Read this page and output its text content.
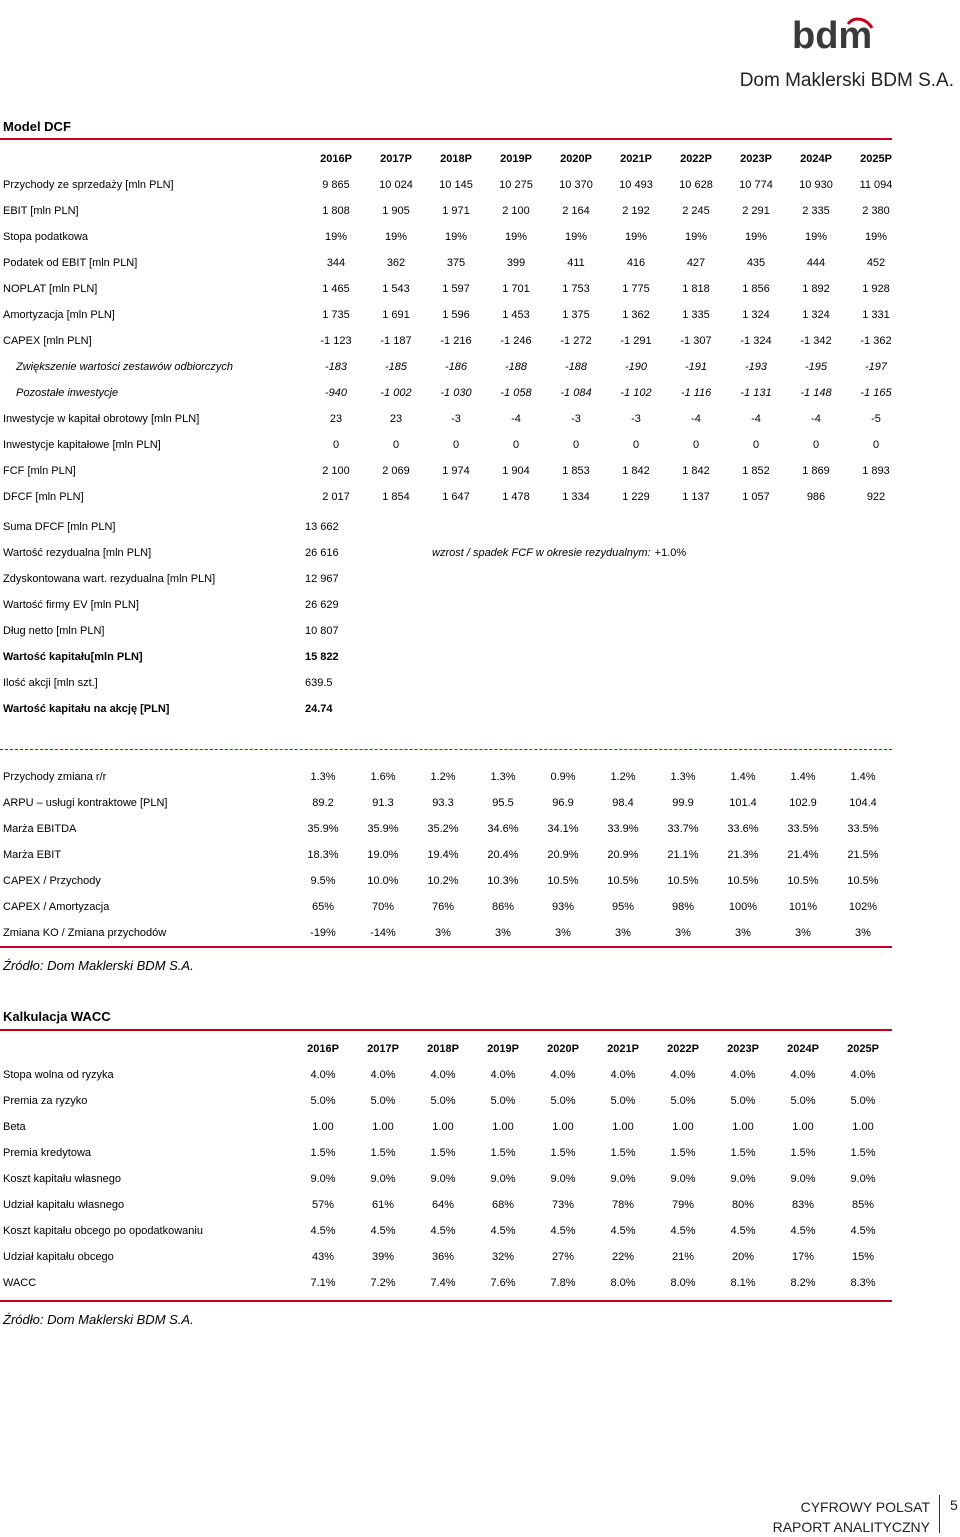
bdm
Dom Maklerski BDM S.A.
Model DCF
	2016P	2017P	2018P	2019P	2020P	2021P	2022P	2023P	2024P	2025P
Przychody ze sprzedaży [mln PLN]	9 865	10 024	10 145	10 275	10 370	10 493	10 628	10 774	10 930	11 094
EBIT [mln PLN]	1 808	1 905	1 971	2 100	2 164	2 192	2 245	2 291	2 335	2 380
Stopa podatkowa	19%	19%	19%	19%	19%	19%	19%	19%	19%	19%
Podatek od EBIT [mln PLN]	344	362	375	399	411	416	427	435	444	452
NOPLAT [mln PLN]	1 465	1 543	1 597	1 701	1 753	1 775	1 818	1 856	1 892	1 928
Amortyzacja [mln PLN]	1 735	1 691	1 596	1 453	1 375	1 362	1 335	1 324	1 324	1 331
CAPEX [mln PLN]	-1 123	-1 187	-1 216	-1 246	-1 272	-1 291	-1 307	-1 324	-1 342	-1 362
Zwiększenie wartości zestawów odbiorczych	-183	-185	-186	-188	-188	-190	-191	-193	-195	-197
Pozostałe inwestycje	-940	-1 002	-1 030	-1 058	-1 084	-1 102	-1 116	-1 131	-1 148	-1 165
Inwestycje w kapitał obrotowy [mln PLN]	23	23	-3	-4	-3	-3	-4	-4	-4	-5
Inwestycje kapitałowe [mln PLN]	0	0	0	0	0	0	0	0	0	0
FCF [mln PLN]	2 100	2 069	1 974	1 904	1 853	1 842	1 842	1 852	1 869	1 893
DFCF [mln PLN]	2 017	1 854	1 647	1 478	1 334	1 229	1 137	1 057	986	922
Suma DFCF [mln PLN]	13 662
Wartość rezydualna [mln PLN]	26 616
Zdyskontowana wart. rezydualna [mln PLN]	12 967
Wartość firmy EV [mln PLN]	26 629
Dług netto [mln PLN]	10 807
Wartość kapitału[mln PLN]	15 822
Ilość akcji [mln szt.]	639.5
Wartość kapitału na akcję [PLN]	24.74
wzrost / spadek FCF w okresie rezydualnym: +1.0%
Przychody zmiana r/r	1.3%	1.6%	1.2%	1.3%	0.9%	1.2%	1.3%	1.4%	1.4%	1.4%
ARPU – usługi kontraktowe [PLN]	89.2	91.3	93.3	95.5	96.9	98.4	99.9	101.4	102.9	104.4
Marża EBITDA	35.9%	35.9%	35.2%	34.6%	34.1%	33.9%	33.7%	33.6%	33.5%	33.5%
Marża EBIT	18.3%	19.0%	19.4%	20.4%	20.9%	20.9%	21.1%	21.3%	21.4%	21.5%
CAPEX / Przychody	9.5%	10.0%	10.2%	10.3%	10.5%	10.5%	10.5%	10.5%	10.5%	10.5%
CAPEX / Amortyzacja	65%	70%	76%	86%	93%	95%	98%	100%	101%	102%
Zmiana KO / Zmiana przychodów	-19%	-14%	3%	3%	3%	3%	3%	3%	3%	3%
Źródło: Dom Maklerski BDM S.A.
Kalkulacja WACC
	2016P	2017P	2018P	2019P	2020P	2021P	2022P	2023P	2024P	2025P
Stopa wolna od ryzyka	4.0%	4.0%	4.0%	4.0%	4.0%	4.0%	4.0%	4.0%	4.0%	4.0%
Premia za ryzyko	5.0%	5.0%	5.0%	5.0%	5.0%	5.0%	5.0%	5.0%	5.0%	5.0%
Beta	1.00	1.00	1.00	1.00	1.00	1.00	1.00	1.00	1.00	1.00
Premia kredytowa	1.5%	1.5%	1.5%	1.5%	1.5%	1.5%	1.5%	1.5%	1.5%	1.5%
Koszt kapitału własnego	9.0%	9.0%	9.0%	9.0%	9.0%	9.0%	9.0%	9.0%	9.0%	9.0%
Udział kapitału własnego	57%	61%	64%	68%	73%	78%	79%	80%	83%	85%
Koszt kapitału obcego po opodatkowaniu	4.5%	4.5%	4.5%	4.5%	4.5%	4.5%	4.5%	4.5%	4.5%	4.5%
Udział kapitału obcego	43%	39%	36%	32%	27%	22%	21%	20%	17%	15%
WACC	7.1%	7.2%	7.4%	7.6%	7.8%	8.0%	8.0%	8.1%	8.2%	8.3%
Źródło: Dom Maklerski BDM S.A.
CYFROWY POLSAT
RAPORT ANALITYCZNY
5
